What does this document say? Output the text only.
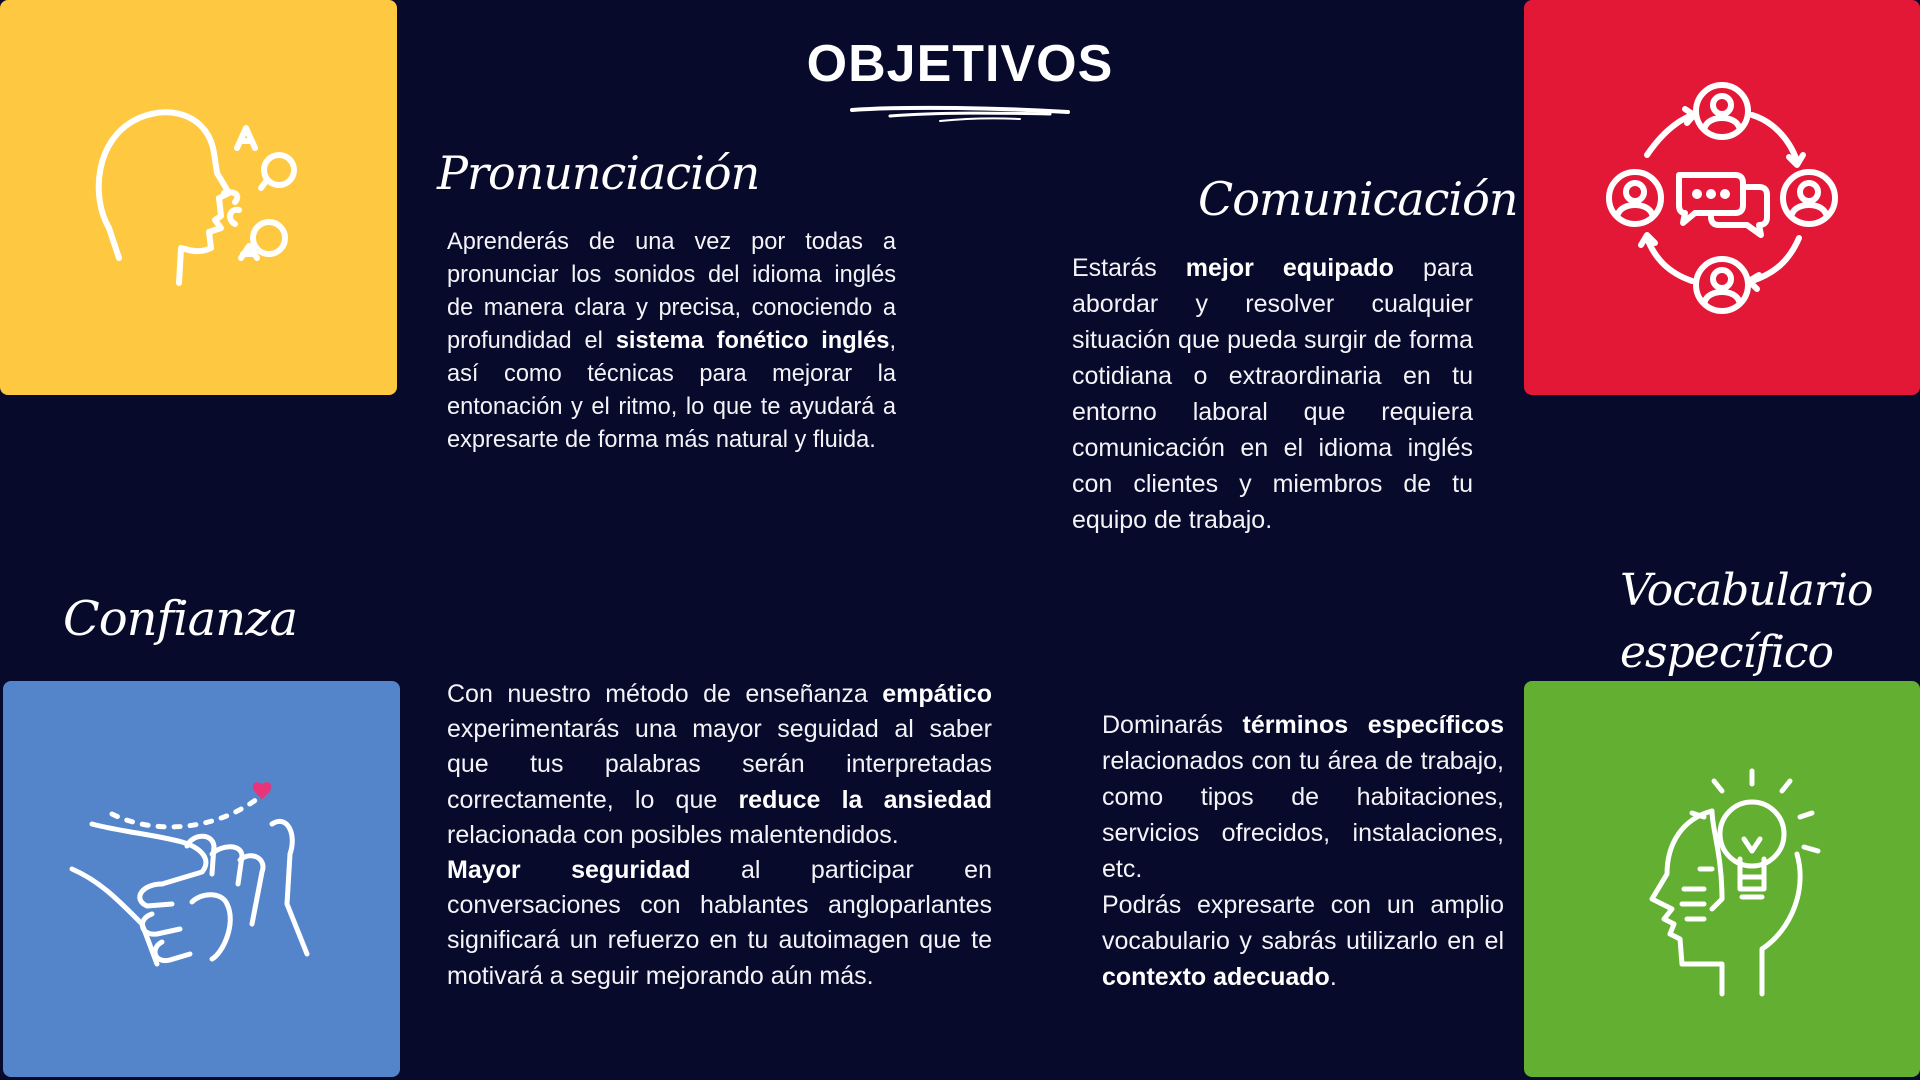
OBJETIVOS
Pronunciación	Comunicación
Confianza
Vocabulario
específico
Aprenderás de una vez por todas a pronunciar los sonidos del idioma inglés de manera clara y precisa, conociendo a profundidad el sistema fonético inglés, así como técnicas para mejorar la entonación y el ritmo, lo que te ayudará a expresarte de forma más natural y fluida.
Estarás mejor equipado para abordar y resolver cualquier situación que pueda surgir de forma cotidiana o extraordinaria en tu entorno laboral que requiera comunicación en el idioma inglés con clientes y miembros de tu equipo de trabajo.

Con nuestro método de enseñanza empático experimentarás una mayor seguidad al saber que tus palabras serán interpretadas correctamente, lo que reduce la ansiedad relacionada con posibles malentendidos.

Mayor seguridad al participar en conversaciones con hablantes angloparlantes significará un refuerzo en tu autoimagen que te motivará a seguir mejorando aún más.

Dominarás términos específicos relacionados con tu área de trabajo, como tipos de habitaciones, servicios ofrecidos, instalaciones, etc.

Podrás expresarte con un amplio vocabulario y sabrás utilizarlo en el contexto adecuado.
